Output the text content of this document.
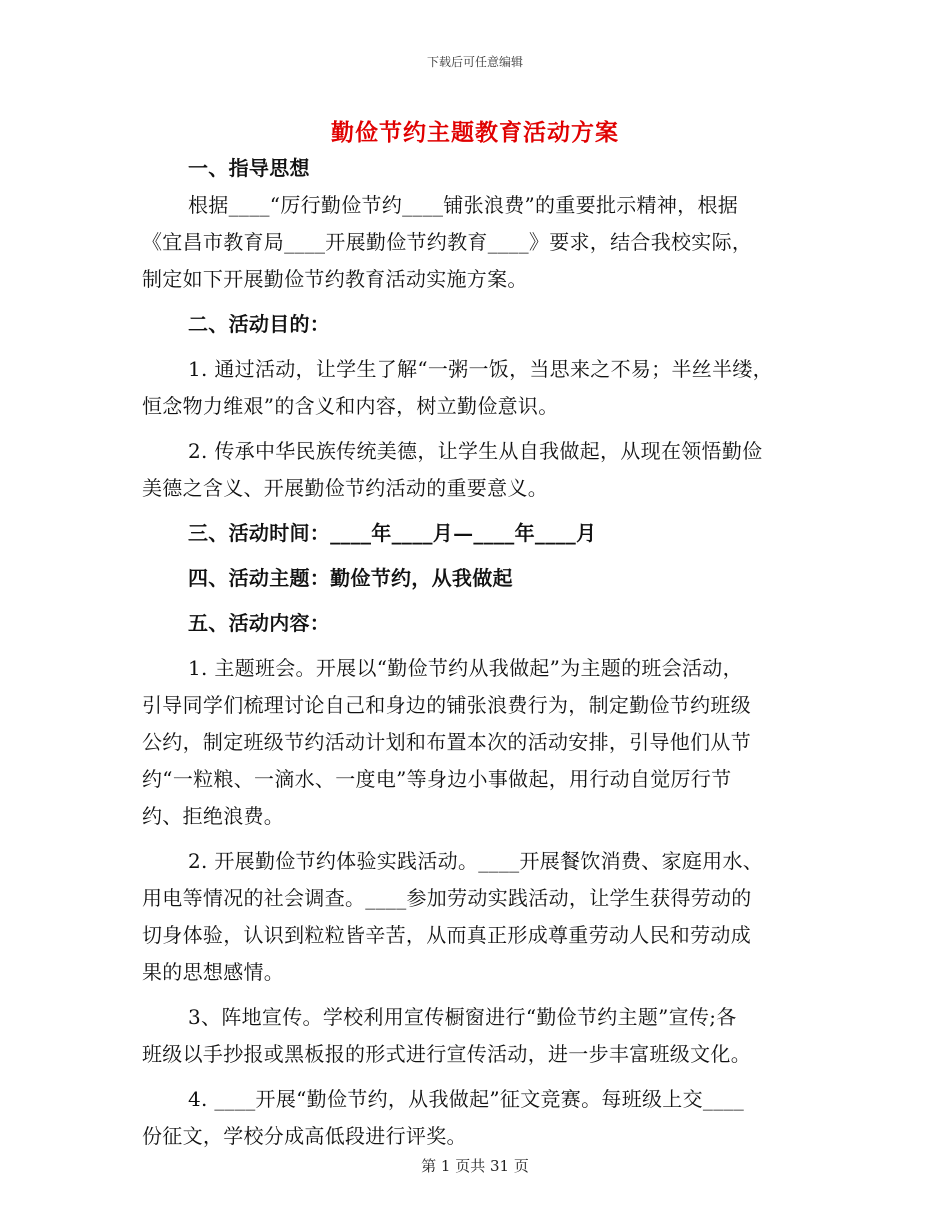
下载后可任意编辑
勤俭节约主题教育活动方案
一、指导思想
根据____“厉行勤俭节约____铺张浪费”的重要批示精神，根据
《宜昌市教育局____开展勤俭节约教育____》要求，结合我校实际，
制定如下开展勤俭节约教育活动实施方案。
二、活动目的：
1. 通过活动，让学生了解“一粥一饭，当思来之不易；半丝半缕，
恒念物力维艰”的含义和内容，树立勤俭意识。
2. 传承中华民族传统美德，让学生从自我做起，从现在领悟勤俭
美德之含义、开展勤俭节约活动的重要意义。
三、活动时间：____年____月—____年____月
四、活动主题：勤俭节约，从我做起
五、活动内容：
1. 主题班会。开展以“勤俭节约从我做起”为主题的班会活动，
引导同学们梳理讨论自己和身边的铺张浪费行为，制定勤俭节约班级
公约，制定班级节约活动计划和布置本次的活动安排，引导他们从节
约“一粒粮、一滴水、一度电”等身边小事做起，用行动自觉厉行节
约、拒绝浪费。
2. 开展勤俭节约体验实践活动。____开展餐饮消费、家庭用水、
用电等情况的社会调查。____参加劳动实践活动，让学生获得劳动的
切身体验，认识到粒粒皆辛苦，从而真正形成尊重劳动人民和劳动成
果的思想感情。
3、阵地宣传。学校利用宣传橱窗进行“勤俭节约主题”宣传;各
班级以手抄报或黑板报的形式进行宣传活动，进一步丰富班级文化。
4. ____开展“勤俭节约，从我做起”征文竞赛。每班级上交____
份征文，学校分成高低段进行评奖。
第 1 页共 31 页
